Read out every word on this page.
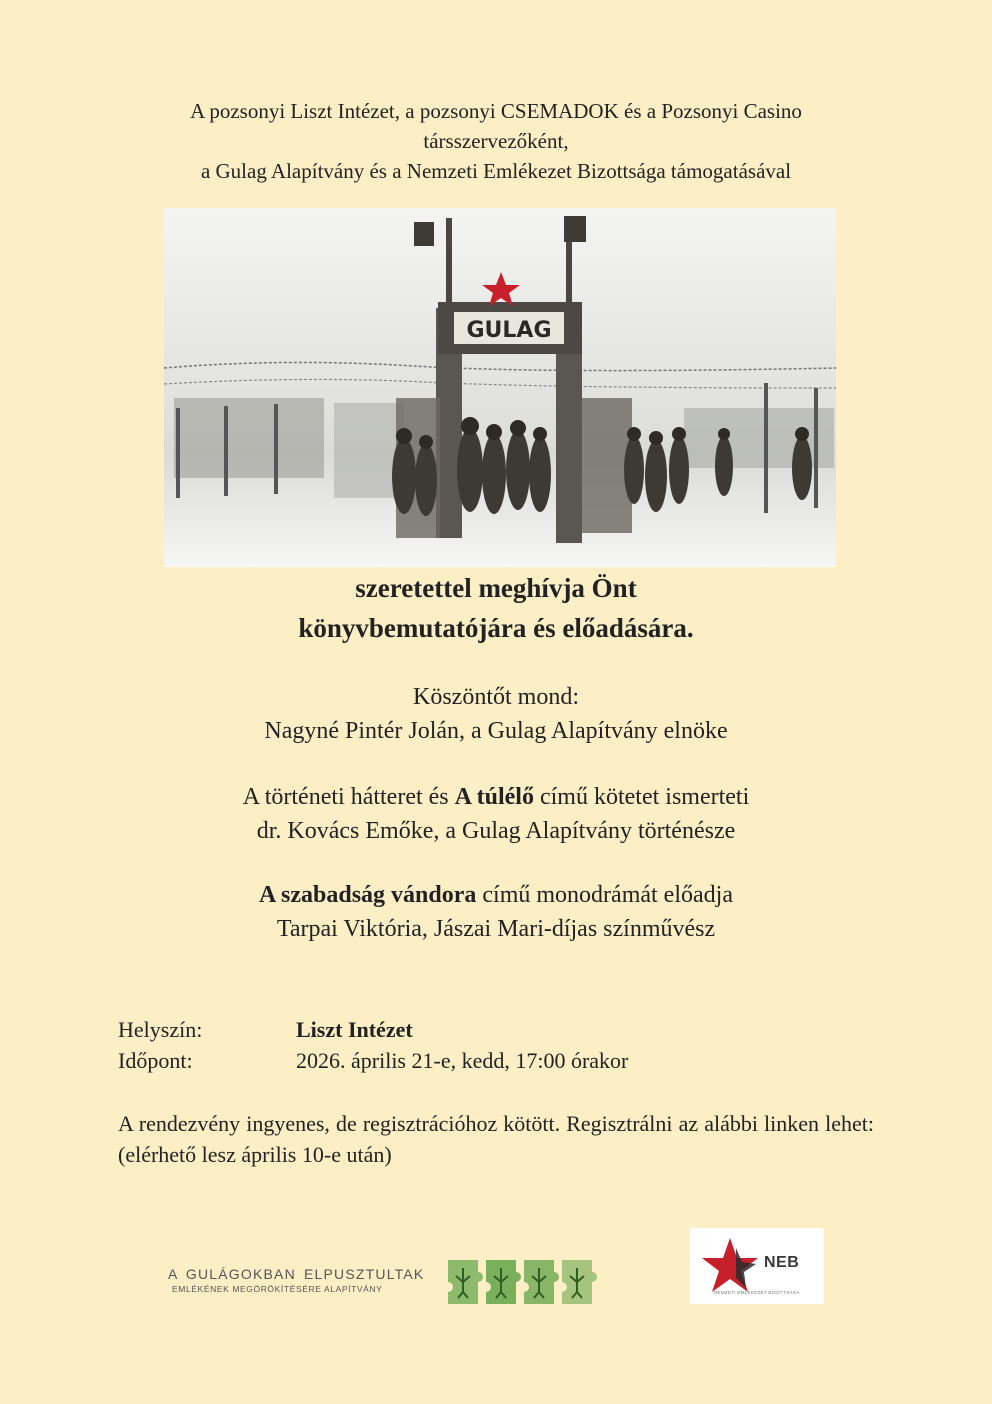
A pozsonyi Liszt Intézet, a pozsonyi CSEMADOK és a Pozsonyi Casino
társszervezőként,
a Gulag Alapítvány és a Nemzeti Emlékezet Bizottsága támogatásával
GULAG
szeretettel meghívja Önt
könyvbemutatójára és előadására.

Köszöntőt mond:

Nagyné Pintér Jolán, a Gulag Alapítvány elnöke

A történeti hátteret és A túlélő című kötetet ismerteti

dr. Kovács Emőke, a Gulag Alapítvány történésze

A szabadság vándora című monodrámát előadja

Tarpai Viktória, Jászai Mari-díjas színművész

Helyszín:	Liszt Intézet
Időpont:	2026. április 21-e, kedd, 17:00 órakor
A rendezvény ingyenes, de regisztrációhoz kötött. Regisztrálni az alábbi linken lehet: (elérhető lesz április 10-e után)
A GULÁGOKBAN ELPUSZTULTAK
EMLÉKÉNEK MEGÖRÖKÍTÉSÉRE ALAPÍTVÁNY
NEB
NEMZETI EMLÉKEZET BIZOTTSÁGA
